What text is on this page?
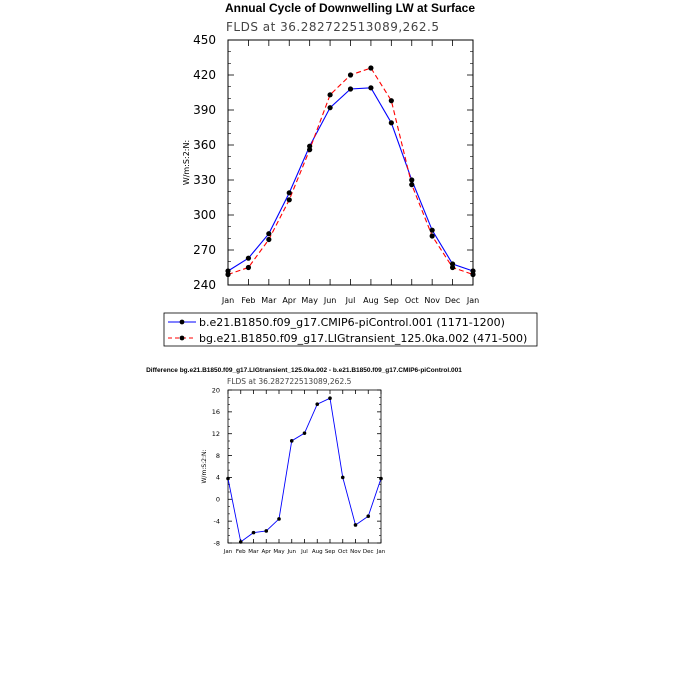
Annual Cycle of Downwelling LW at Surface
FLDS at 36.282722513089,262.5
W/m:S:2:N:
240
270
300
330
360
390
420
450
Jan Feb Mar Apr May Jun Jul Aug Sep Oct Nov Dec Jan
b.e21.B1850.f09_g17.CMIP6-piControl.001 (1171-1200)
bg.e21.B1850.f09_g17.LIGtransient_125.0ka.002 (471-500)
Difference bg.e21.B1850.f09_g17.LIGtransient_125.0ka.002 - b.e21.B1850.f09_g17.CMIP6-piControl.001
FLDS at 36.282722513089,262.5
W/m:S:2:N:
-8
-4
0
4
8
12
16
20
Jan Feb Mar Apr May Jun Jul Aug Sep Oct Nov Dec Jan
